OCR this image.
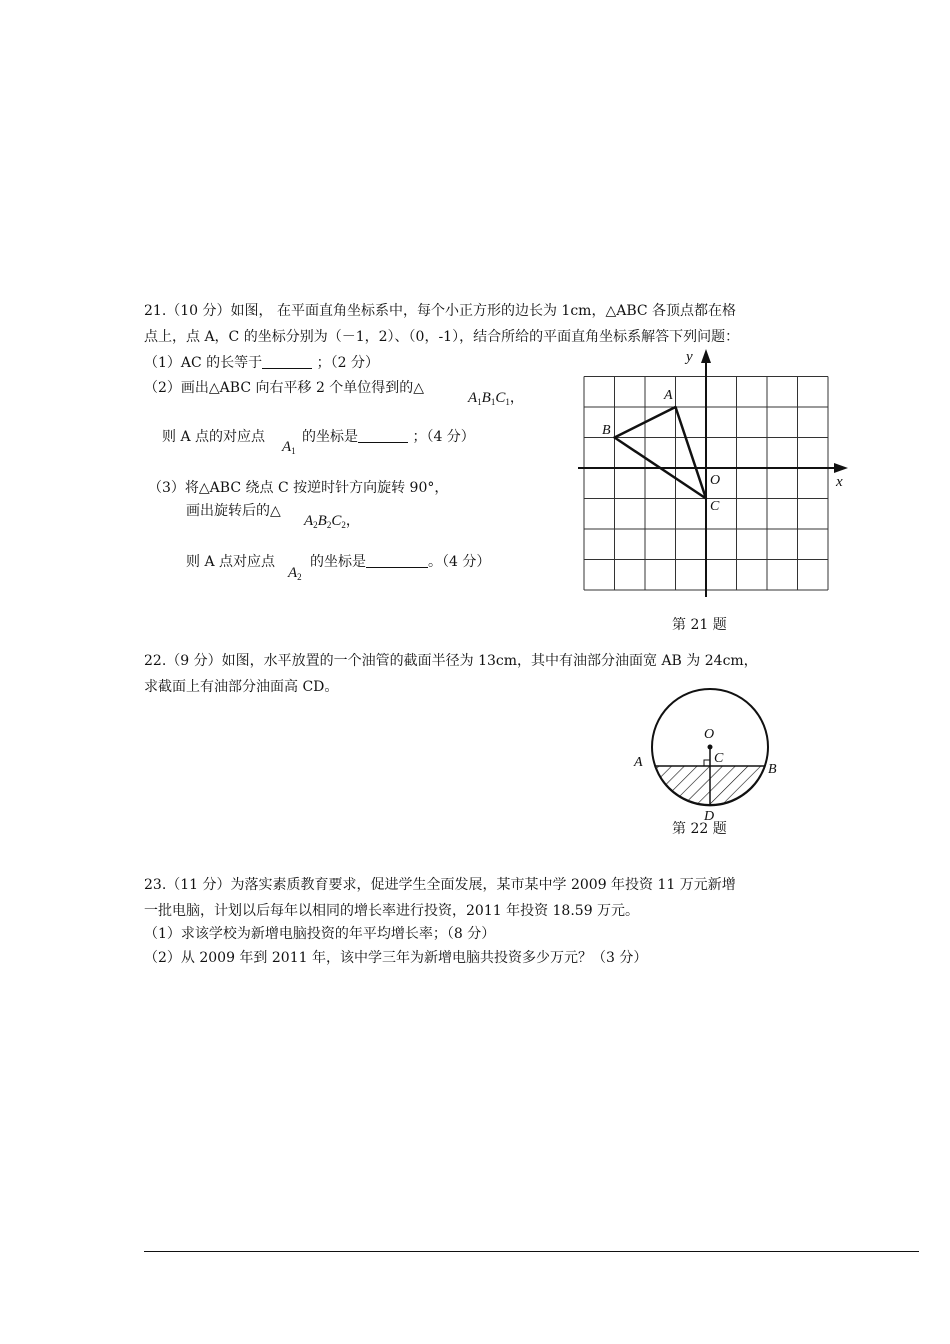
21.（10 分）如图， 在平面直角坐标系中，每个小正方形的边长为 1cm，△ABC 各顶点都在格
点上，点 A，C 的坐标分别为（－1，2）、（0，-1），结合所给的平面直角坐标系解答下列问题：
（1）AC 的长等于	；（2 分）
（2）画出△ABC 向右平移 2 个单位得到的△
$A_1B_1C_1$，
则 A 点的对应点
$A_1$
的坐标是	；（4 分）
（3）将△ABC 绕点 C 按逆时针方向旋转 90°，
画出旋转后的△
$A_2B_2C_2$，
则 A 点对应点
$A_2$
的坐标是	。（4 分）
x
y
O
A
B
C
第 21 题
22.（9 分）如图，水平放置的一个油管的截面半径为 13cm，其中有油部分油面宽 AB 为 24cm，
求截面上有油部分油面高 CD。
O
C
A	B
D
第 22 题
23.（11 分）为落实素质教育要求，促进学生全面发展，某市某中学 2009 年投资 11 万元新增
一批电脑，计划以后每年以相同的增长率进行投资，2011 年投资 18.59 万元。
（1）求该学校为新增电脑投资的年平均增长率；（8 分）
（2）从 2009 年到 2011 年，该中学三年为新增电脑共投资多少万元？（3 分）
